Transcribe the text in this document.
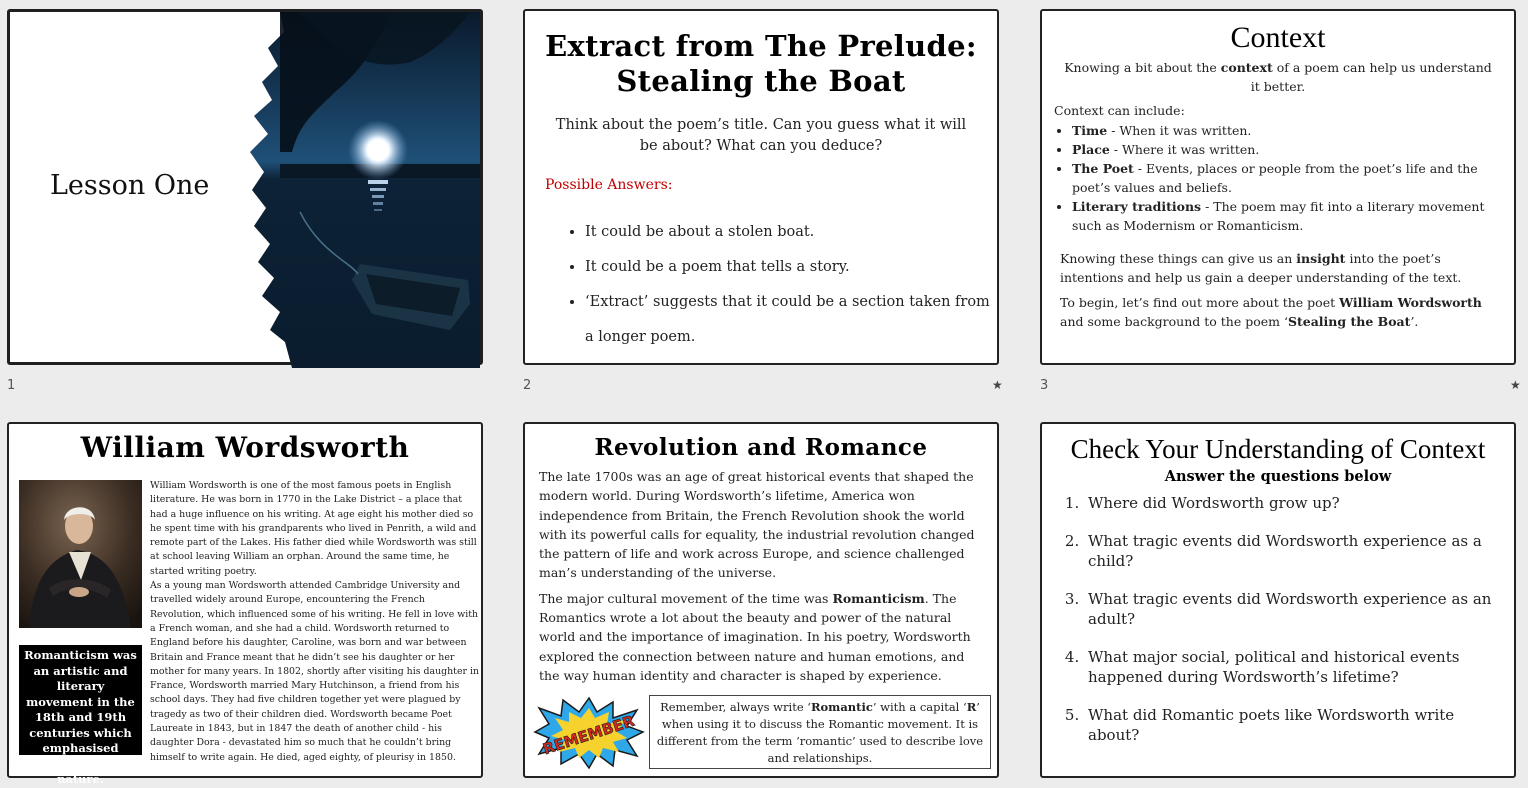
Lesson One
1
Extract from The Prelude:
Stealing the Boat
Think about the poem’s title. Can you guess what it will be about? What can you deduce?
Possible Answers:
• It could be about a stolen boat.
• It could be a poem that tells a story.
• ‘Extract’ suggests that it could be a section taken from a longer poem.
2	★
Context
Knowing a bit about the context of a poem can help us understand it better.
Context can include:
• Time - When it was written.
• Place - Where it was written.
• The Poet - Events, places or people from the poet’s life and the poet’s values and beliefs.
• Literary traditions - The poem may fit into a literary movement such as Modernism or Romanticism.
Knowing these things can give us an insight into the poet’s intentions and help us gain a deeper understanding of the text.
To begin, let’s find out more about the poet William Wordsworth and some background to the poem ‘Stealing the Boat’.
3	★
William Wordsworth
Romanticism was an artistic and literary movement in the 18th and 19th centuries which emphasised emotion and nature.

William Wordsworth is one of the most famous poets in English literature. He was born in 1770 in the Lake District – a place that had a huge influence on his writing. At age eight his mother died so he spent time with his grandparents who lived in Penrith, a wild and remote part of the Lakes. His father died while Wordsworth was still at school leaving William an orphan. Around the same time, he started writing poetry.

As a young man Wordsworth attended Cambridge University and travelled widely around Europe, encountering the French Revolution, which influenced some of his writing. He fell in love with a French woman, and she had a child. Wordsworth returned to England before his daughter, Caroline, was born and war between Britain and France meant that he didn’t see his daughter or her mother for many years. In 1802, shortly after visiting his daughter in France, Wordsworth married Mary Hutchinson, a friend from his school days. They had five children together yet were plagued by tragedy as two of their children died. Wordsworth became Poet Laureate in 1843, but in 1847 the death of another child - his daughter Dora - devastated him so much that he couldn’t bring himself to write again. He died, aged eighty, of pleurisy in 1850.

Revolution and Romance
The late 1700s was an age of great historical events that shaped the modern world. During Wordsworth’s lifetime, America won independence from Britain, the French Revolution shook the world with its powerful calls for equality, the industrial revolution changed the pattern of life and work across Europe, and science challenged man’s understanding of the universe.
The major cultural movement of the time was Romanticism. The Romantics wrote a lot about the beauty and power of the natural world and the importance of imagination. In his poetry, Wordsworth explored the connection between nature and human emotions, and the way human identity and character is shaped by experience.
REMEMBER
Remember, always write ‘Romantic’ with a capital ‘R’ when using it to discuss the Romantic movement. It is different from the term ‘romantic’ used to describe love and relationships.
Check Your Understanding of Context
Answer the questions below
1. Where did Wordsworth grow up?
2. What tragic events did Wordsworth experience as a child?
3. What tragic events did Wordsworth experience as an adult?
4. What major social, political and historical events happened during Wordsworth’s lifetime?
5. What did Romantic poets like Wordsworth write about?
